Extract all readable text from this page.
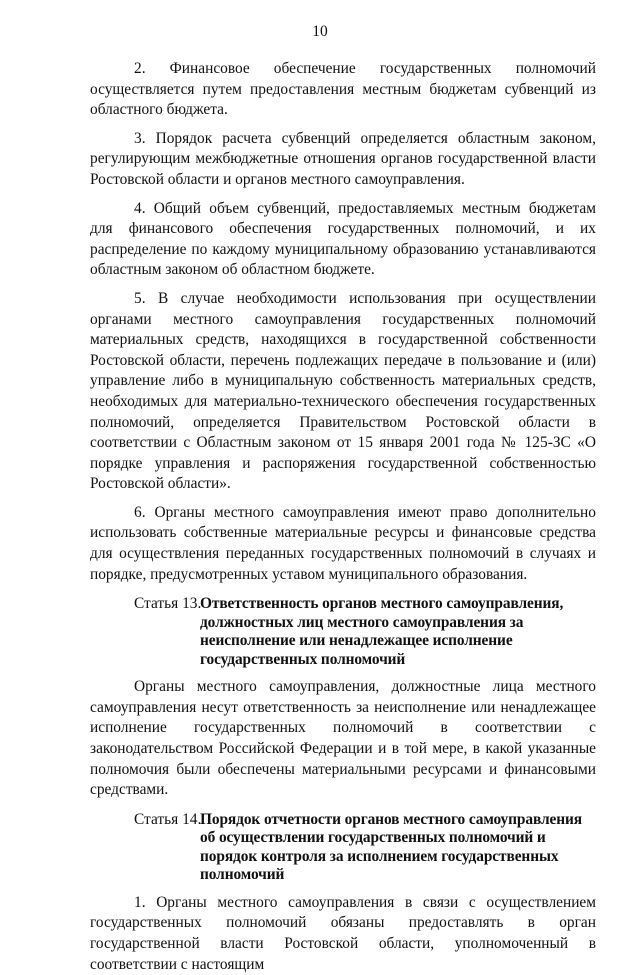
10

2. Финансовое обеспечение государственных полномочий осуществляется путем предоставления местным бюджетам субвенций из областного бюджета.

3. Порядок расчета субвенций определяется областным законом, регулирующим межбюджетные отношения органов государственной власти Ростовской области и органов местного самоуправления.

4. Общий объем субвенций, предоставляемых местным бюджетам для финансового обеспечения государственных полномочий, и их распределение по каждому муниципальному образованию устанавливаются областным законом об областном бюджете.

5. В случае необходимости использования при осуществлении органами местного самоуправления государственных полномочий материальных средств, находящихся в государственной собственности Ростовской области, перечень подлежащих передаче в пользование и (или) управление либо в муниципальную собственность материальных средств, необходимых для материально-технического обеспечения государственных полномочий, определяется Правительством Ростовской области в соответствии с Областным законом от 15 января 2001 года № 125-ЗС «О порядке управления и распоряжения государственной собственностью Ростовской области».

6. Органы местного самоуправления имеют право дополнительно использовать собственные материальные ресурсы и финансовые средства для осуществления переданных государственных полномочий в случаях и порядке, предусмотренных уставом муниципального образования.

Статья 13.
Ответственность органов местного самоуправления, должностных лиц местного самоуправления за неисполнение или ненадлежащее исполнение государственных полномочий

Органы местного самоуправления, должностные лица местного самоуправления несут ответственность за неисполнение или ненадлежащее исполнение государственных полномочий в соответствии с законодательством Российской Федерации и в той мере, в какой указанные полномочия были обеспечены материальными ресурсами и финансовыми средствами.

Статья 14.
Порядок отчетности органов местного самоуправления об осуществлении государственных полномочий и порядок контроля за исполнением государственных полномочий

1. Органы местного самоуправления в связи с осуществлением государственных полномочий обязаны предоставлять в орган государственной власти Ростовской области, уполномоченный в соответствии с настоящим
